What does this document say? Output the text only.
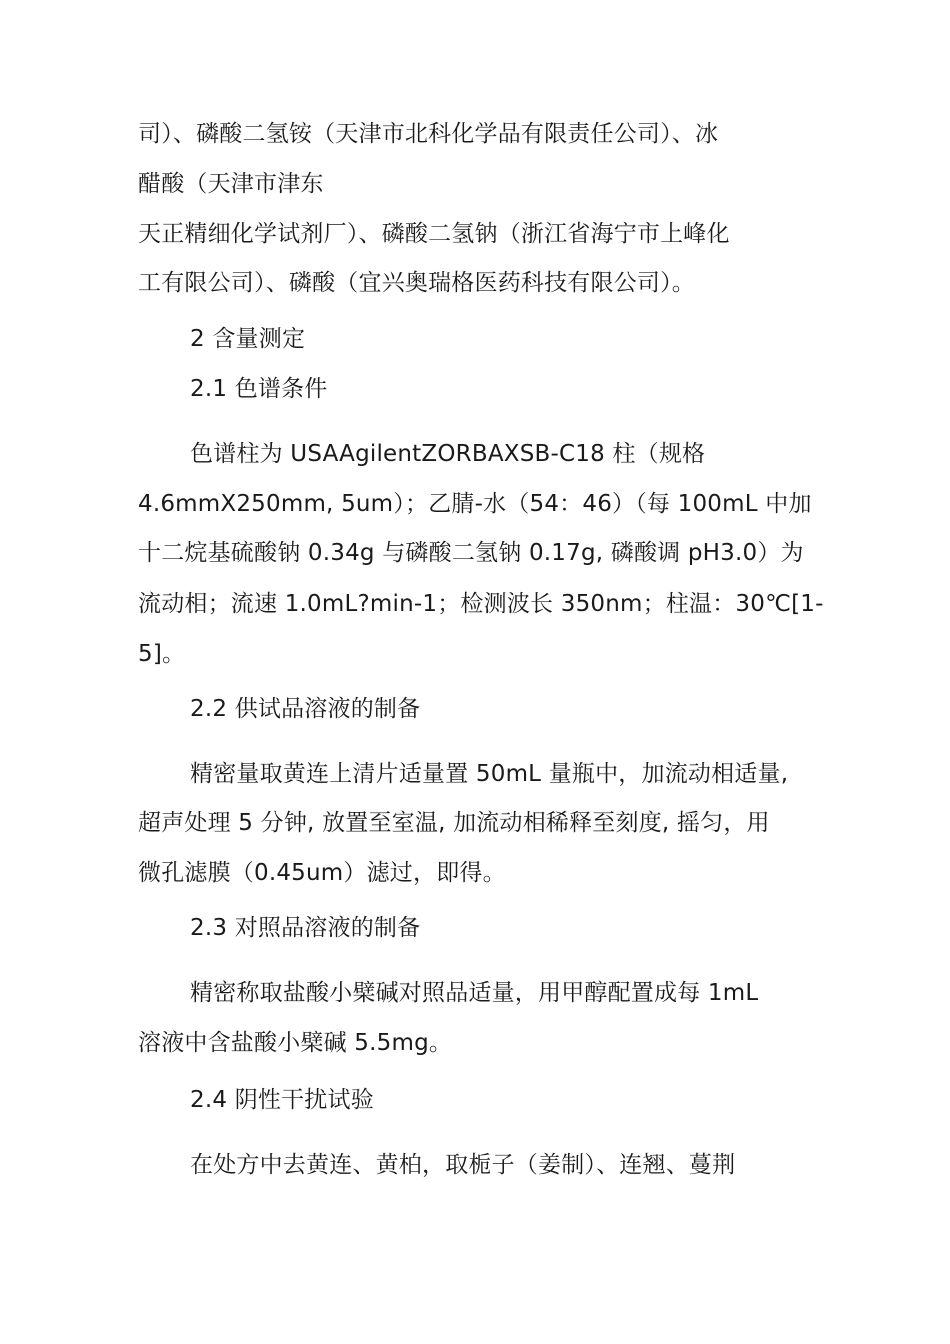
司）、磷酸二氢铵（天津市北科化学品有限责任公司）、冰
醋酸（天津市津东
天正精细化学试剂厂）、磷酸二氢钠（浙江省海宁市上峰化
工有限公司）、磷酸（宜兴奥瑞格医药科技有限公司）。
2 含量测定
2.1 色谱条件
色谱柱为 USAAgilentZORBAXSB-C18 柱（规格
4.6mmX250mm, 5um）；乙腈-水（54：46）（每 100mL 中加
十二烷基硫酸钠 0.34g 与磷酸二氢钠 0.17g, 磷酸调 pH3.0）为
流动相；流速 1.0mL?min-1；检测波长 350nm；柱温：30℃[1-
5]。
2.2 供试品溶液的制备
精密量取黄连上清片适量置 50mL 量瓶中，加流动相适量,
超声处理 5 分钟, 放置至室温, 加流动相稀释至刻度, 摇匀，用
微孔滤膜（0.45um）滤过，即得。
2.3 对照品溶液的制备
精密称取盐酸小檗碱对照品适量，用甲醇配置成每 1mL
溶液中含盐酸小檗碱 5.5mg。
2.4 阴性干扰试验
在处方中去黄连、黄柏，取栀子（姜制）、连翘、蔓荆
